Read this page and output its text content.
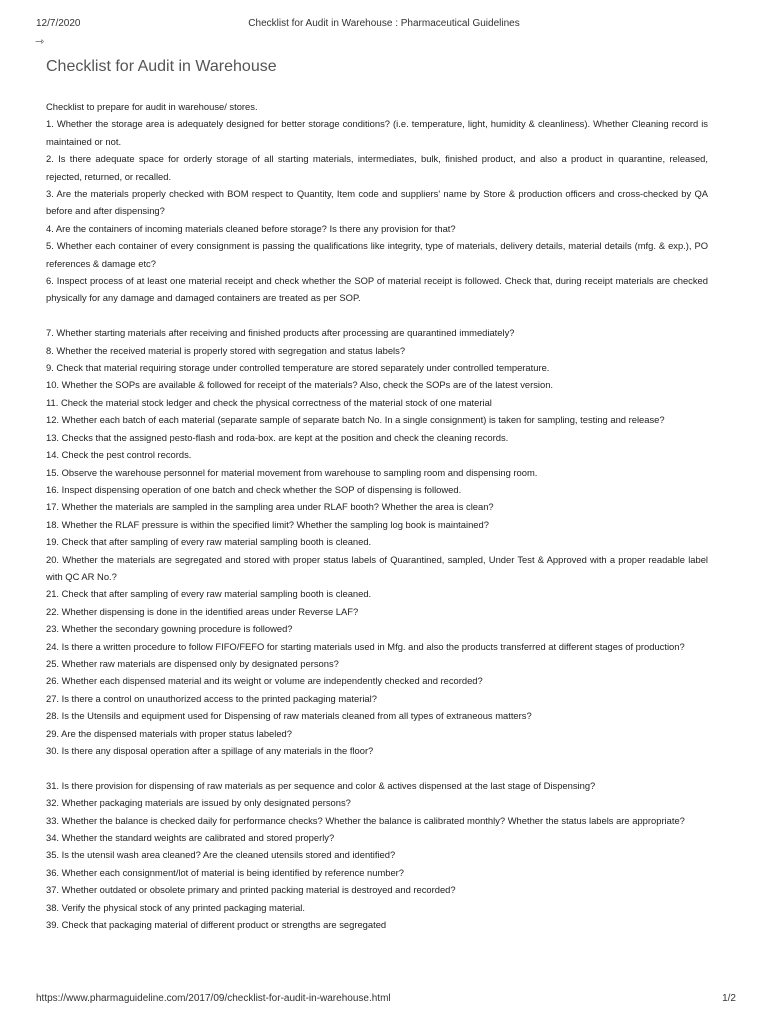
12/7/2020	Checklist for Audit in Warehouse : Pharmaceutical Guidelines
⇾
Checklist for Audit in Warehouse

Checklist to prepare for audit in warehouse/ stores.

1. Whether the storage area is adequately designed for better storage conditions? (i.e. temperature, light, humidity & cleanliness). Whether Cleaning record is maintained or not.

2. Is there adequate space for orderly storage of all starting materials, intermediates, bulk, finished product, and also a product in quarantine, released, rejected, returned, or recalled.

3. Are the materials properly checked with BOM respect to Quantity, Item code and suppliers' name by Store & production officers and cross-checked by QA before and after dispensing?

4. Are the containers of incoming materials cleaned before storage? Is there any provision for that?

5. Whether each container of every consignment is passing the qualifications like integrity, type of materials, delivery details, material details (mfg. & exp.), PO references & damage etc?

6. Inspect process of at least one material receipt and check whether the SOP of material receipt is followed. Check that, during receipt materials are checked physically for any damage and damaged containers are treated as per SOP.

7. Whether starting materials after receiving and finished products after processing are quarantined immediately?

8. Whether the received material is properly stored with segregation and status labels?

9. Check that material requiring storage under controlled temperature are stored separately under controlled temperature.

10. Whether the SOPs are available & followed for receipt of the materials? Also, check the SOPs are of the latest version.

11. Check the material stock ledger and check the physical correctness of the material stock of one material

12. Whether each batch of each material (separate sample of separate batch No. In a single consignment) is taken for sampling, testing and release?

13. Checks that the assigned pesto-flash and roda-box. are kept at the position and check the cleaning records.

14. Check the pest control records.

15. Observe the warehouse personnel for material movement from warehouse to sampling room and dispensing room.

16. Inspect dispensing operation of one batch and check whether the SOP of dispensing is followed.

17. Whether the materials are sampled in the sampling area under RLAF booth? Whether the area is clean?

18. Whether the RLAF pressure is within the specified limit? Whether the sampling log book is maintained?

19. Check that after sampling of every raw material sampling booth is cleaned.

20. Whether the materials are segregated and stored with proper status labels of Quarantined, sampled, Under Test & Approved with a proper readable label with QC AR No.?

21. Check that after sampling of every raw material sampling booth is cleaned.

22. Whether dispensing is done in the identified areas under Reverse LAF?

23. Whether the secondary gowning procedure is followed?

24. Is there a written procedure to follow FIFO/FEFO for starting materials used in Mfg. and also the products transferred at different stages of production?

25. Whether raw materials are dispensed only by designated persons?

26. Whether each dispensed material and its weight or volume are independently checked and recorded?

27. Is there a control on unauthorized access to the printed packaging material?

28. Is the Utensils and equipment used for Dispensing of raw materials cleaned from all types of extraneous matters?

29. Are the dispensed materials with proper status labeled?

30. Is there any disposal operation after a spillage of any materials in the floor?

31. Is there provision for dispensing of raw materials as per sequence and color & actives dispensed at the last stage of Dispensing?

32. Whether packaging materials are issued by only designated persons?

33. Whether the balance is checked daily for performance checks? Whether the balance is calibrated monthly? Whether the status labels are appropriate?

34. Whether the standard weights are calibrated and stored properly?

35. Is the utensil wash area cleaned? Are the cleaned utensils stored and identified?

36. Whether each consignment/lot of material is being identified by reference number?

37. Whether outdated or obsolete primary and printed packing material is destroyed and recorded?

38. Verify the physical stock of any printed packaging material.

39. Check that packaging material of different product or strengths are segregated

https://www.pharmaguideline.com/2017/09/checklist-for-audit-in-warehouse.html	1/2
